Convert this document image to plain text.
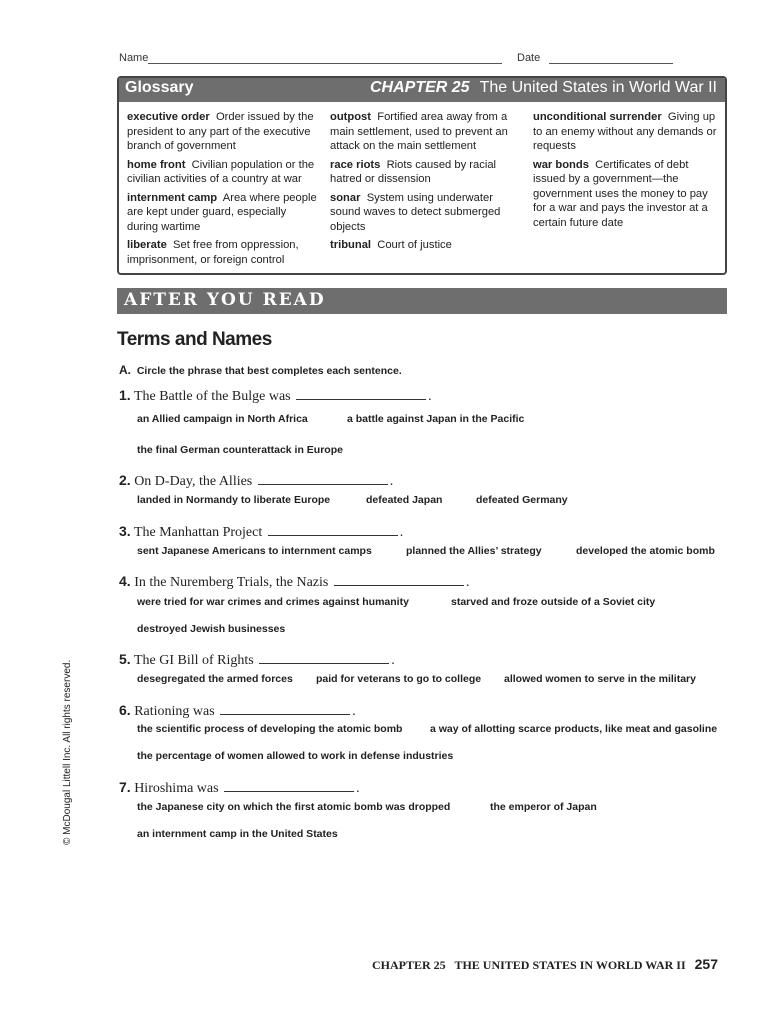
Name	Date
Glossary	CHAPTER 25 The United States in World War II
executive order Order issued by the president to any part of the executive branch of government
home front Civilian population or the civilian activities of a country at war
internment camp Area where people are kept under guard, especially during wartime
liberate Set free from oppression, imprisonment, or foreign control
outpost Fortified area away from a main settlement, used to prevent an attack on the main settlement
race riots Riots caused by racial hatred or dissension
sonar System using underwater sound waves to detect submerged objects
tribunal Court of justice
unconditional surrender Giving up to an enemy without any demands or requests
war bonds Certificates of debt issued by a government—the government uses the money to pay for a war and pays the investor at a certain future date
AFTER YOU READ
Terms and Names
A. Circle the phrase that best completes each sentence.
1. The Battle of the Bulge was	.
an Allied campaign in North Africa	a battle against Japan in the Pacific
the final German counterattack in Europe
2. On D-Day, the Allies	.
landed in Normandy to liberate Europe	defeated Japan	defeated Germany
3. The Manhattan Project	.
sent Japanese Americans to internment camps	planned the Allies’ strategy	developed the atomic bomb
4. In the Nuremberg Trials, the Nazis	.
were tried for war crimes and crimes against humanity	starved and froze outside of a Soviet city
destroyed Jewish businesses
5. The GI Bill of Rights	.
desegregated the armed forces paid for veterans to go to college allowed women to serve in the military
6. Rationing was	.
the scientific process of developing the atomic bomb	a way of allotting scarce products, like meat and gasoline
the percentage of women allowed to work in defense industries
7. Hiroshima was	.
the Japanese city on which the first atomic bomb was dropped	the emperor of Japan
an internment camp in the United States
© McDougal Littell Inc. All rights reserved.
CHAPTER 25 THE UNITED STATES IN WORLD WAR II 257
